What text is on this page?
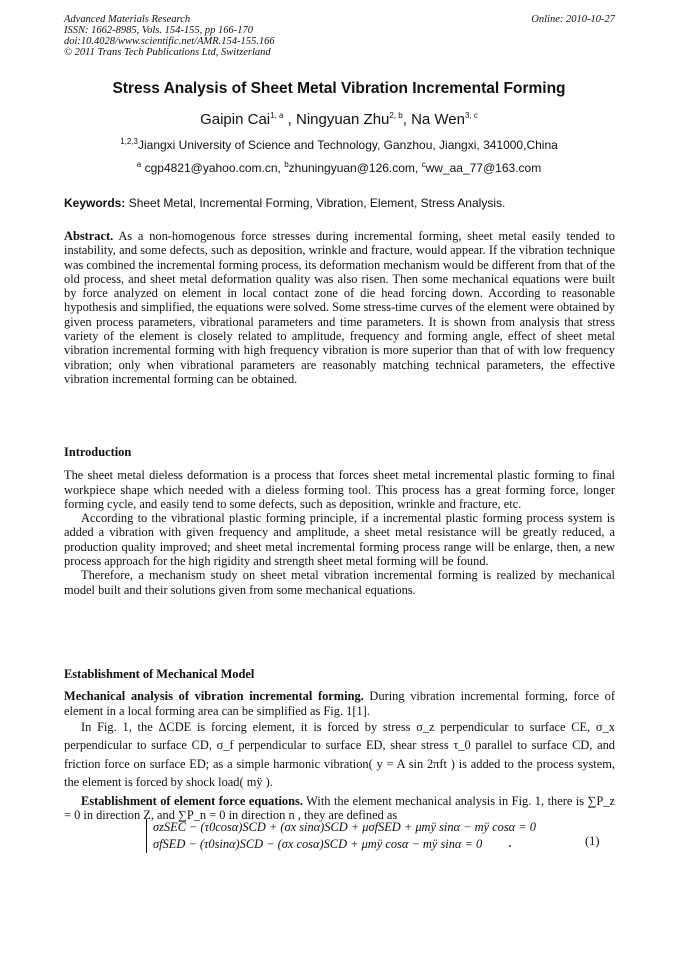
Advanced Materials Research
ISSN: 1662-8985, Vols. 154-155, pp 166-170
doi:10.4028/www.scientific.net/AMR.154-155.166
© 2011 Trans Tech Publications Ltd, Switzerland
Online: 2010-10-27
Stress Analysis of Sheet Metal Vibration Incremental Forming
Gaipin Cai$^{1, a}$ , Ningyuan Zhu$^{2, b}$, Na Wen$^{3, c}$
$^{1,2,3}$Jiangxi University of Science and Technology, Ganzhou, Jiangxi, 341000,China
$^a$ cgp4821@yahoo.com.cn, $^b$zhuningyuan@126.com, $^c$ww_aa_77@163.com
Keywords: Sheet Metal, Incremental Forming, Vibration, Element, Stress Analysis.

Abstract. As a non-homogenous force stresses during incremental forming, sheet metal easily tended to instability, and some defects, such as deposition, wrinkle and fracture, would appear. If the vibration technique was combined the incremental forming process, its deformation mechanism would be different from that of the old process, and sheet metal deformation quality was also risen. Then some mechanical equations were built by force analyzed on element in local contact zone of die head forcing down. According to reasonable hypothesis and simplified, the equations were solved. Some stress-time curves of the element were obtained by given process parameters, vibrational parameters and time parameters. It is shown from analysis that stress variety of the element is closely related to amplitude, frequency and forming angle, effect of sheet metal vibration incremental forming with high frequency vibration is more superior than that of with low frequency vibration; only when vibrational parameters are reasonably matching technical parameters, the effective vibration incremental forming can be obtained.

Introduction

The sheet metal dieless deformation is a process that forces sheet metal incremental plastic forming to final workpiece shape which needed with a dieless forming tool. This process has a great forming force, longer forming cycle, and easily tend to some defects, such as deposition, wrinkle and fracture, etc.

According to the vibrational plastic forming principle, if a incremental plastic forming process system is added a vibration with given frequency and amplitude, a sheet metal resistance will be greatly reduced, a production quality improved; and sheet metal incremental forming process range will be enlarge, then, a new process approach for the high rigidity and strength sheet metal forming will be found.

Therefore, a mechanism study on sheet metal vibration incremental forming is realized by mechanical model built and their solutions given from some mechanical equations.

Establishment of Mechanical Model

Mechanical analysis of vibration incremental forming. During vibration incremental forming, force of element in a local forming area can be simplified as Fig. 1[1].

In Fig. 1, the ΔCDE is forcing element, it is forced by stress σ_z perpendicular to surface CE, σ_x perpendicular to surface CD, σ_f perpendicular to surface ED, shear stress τ_0 parallel to surface CD, and friction force on surface ED; as a simple harmonic vibration( y = A sin 2πft ) is added to the process system, the element is forced by shock load( mÿ ).

Establishment of element force equations. With the element mechanical analysis in Fig. 1, there is ∑P_z = 0 in direction Z, and ∑P_n = 0 in direction n , they are defined as

σzSEC − (τ0cosα)SCD + (σx sinα)SCD + μσfSED + μmÿ sinα − mÿ cosα = 0
σfSED − (τ0sinα)SCD − (σx cosα)SCD + μmÿ cosα − mÿ sinα = 0	.	(1)
